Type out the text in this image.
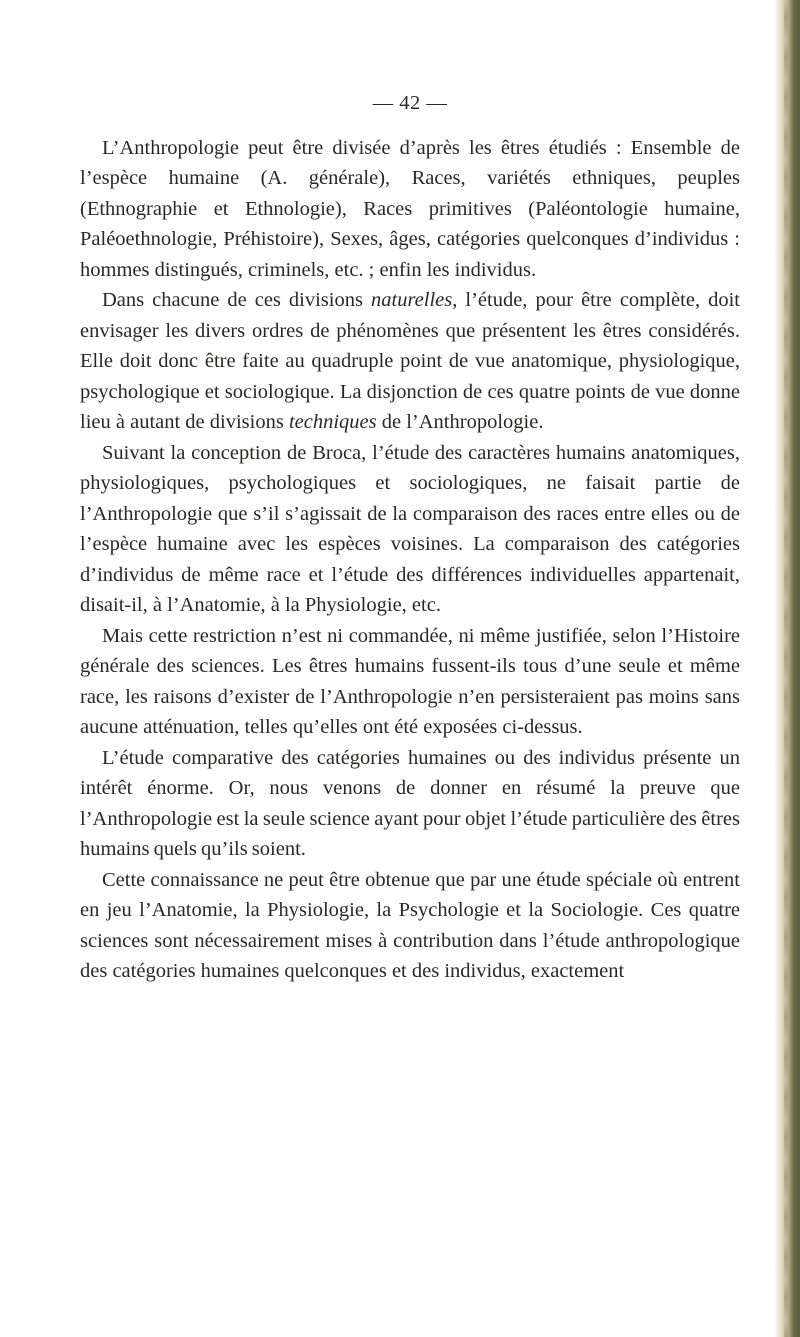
— 42 —

L’Anthropologie peut être divisée d’après les êtres étudiés : Ensemble de l’espèce humaine (A. générale), Races, variétés ethniques, peuples (Ethnographie et Ethnologie), Races primitives (Paléontologie humaine, Paléoethnologie, Préhistoire), Sexes, âges, catégories quelconques d’individus : hommes distingués, criminels, etc. ; enfin les individus.

Dans chacune de ces divisions naturelles, l’étude, pour être complète, doit envisager les divers ordres de phénomènes que présentent les êtres considérés. Elle doit donc être faite au quadruple point de vue anatomique, physiologique, psychologique et sociologique. La disjonction de ces quatre points de vue donne lieu à autant de divisions techniques de l’Anthropologie.

Suivant la conception de Broca, l’étude des caractères humains anatomiques, physiologiques, psychologiques et sociologiques, ne faisait partie de l’Anthropologie que s’il s’agissait de la comparaison des races entre elles ou de l’espèce humaine avec les espèces voisines. La comparaison des catégories d’individus de même race et l’étude des différences individuelles appartenait, disait-il, à l’Anatomie, à la Physiologie, etc.

Mais cette restriction n’est ni commandée, ni même justifiée, selon l’Histoire générale des sciences. Les êtres humains fussent-ils tous d’une seule et même race, les raisons d’exister de l’Anthropologie n’en persisteraient pas moins sans aucune atténuation, telles qu’elles ont été exposées ci-dessus.

L’étude comparative des catégories humaines ou des individus présente un intérêt énorme. Or, nous venons de donner en résumé la preuve que l’Anthropologie est la seule science ayant pour objet l’étude particulière des êtres humains quels qu’ils soient.

Cette connaissance ne peut être obtenue que par une étude spéciale où entrent en jeu l’Anatomie, la Physiologie, la Psychologie et la Sociologie. Ces quatre sciences sont nécessairement mises à contribution dans l’étude anthropologique des catégories humaines quelconques et des individus, exactement
